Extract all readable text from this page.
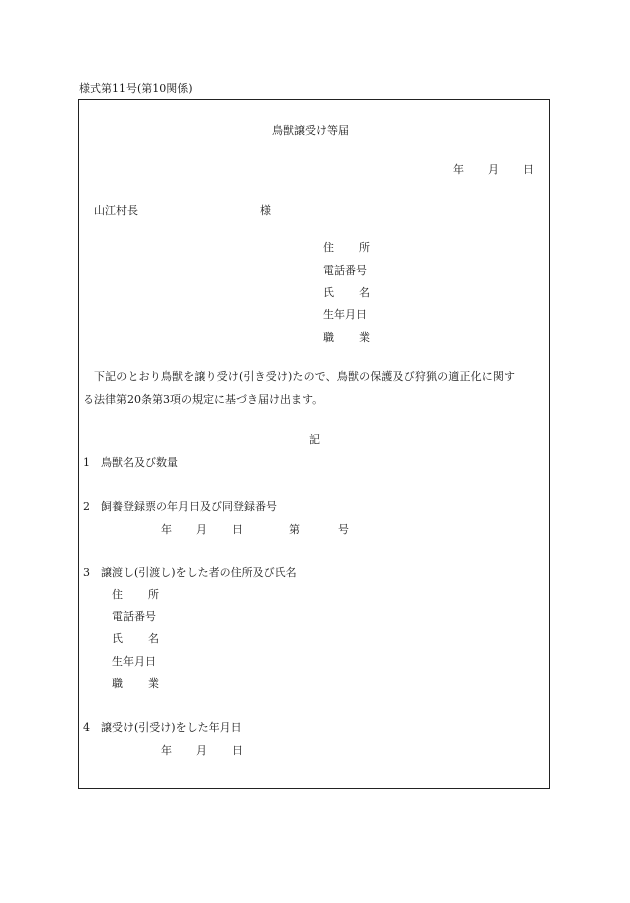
様式第11号(第10関係)
鳥獣譲受け等届
年 月 日
山江村長	様
住 所
電話番号
氏 名
生年月日
職 業
下記のとおり鳥獣を譲り受け(引き受け)たので、鳥獣の保護及び狩猟の適正化に関す
る法律第20条第3項の規定に基づき届け出ます。
記
1 鳥獣名及び数量
2 飼養登録票の年月日及び同登録番号
年 月 日	第	号
3 譲渡し(引渡し)をした者の住所及び氏名
住 所
電話番号
氏 名
生年月日
職 業
4 譲受け(引受け)をした年月日
年 月 日
